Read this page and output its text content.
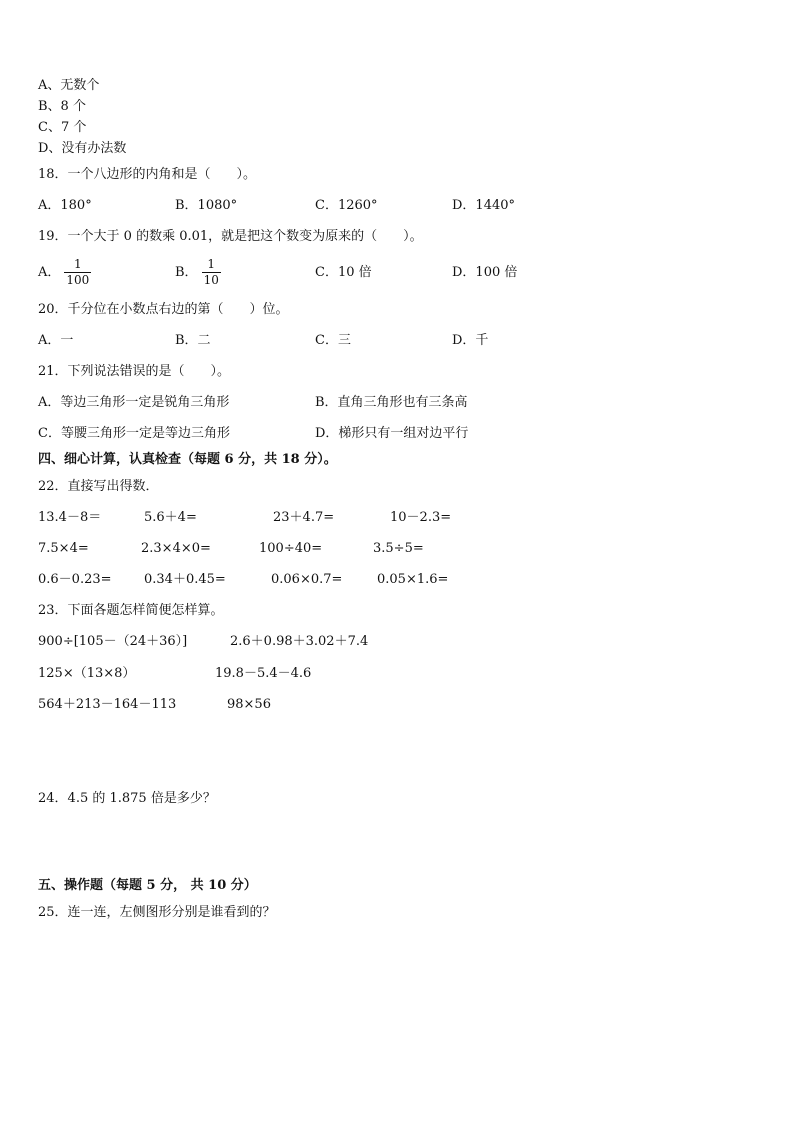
A、无数个
B、8 个
C、7 个
D、没有办法数
18．一个八边形的内角和是（　　）。
A．180°	B．1080°	C．1260°	D．1440°
19．一个大于 0 的数乘 0.01，就是把这个数变为原来的（　　）。
A． $\frac{1}{100}$	B． $\frac{1}{10}$	C．10 倍	D．100 倍
20．千分位在小数点右边的第（　　）位。
A．一	B．二	C．三	D．千
21．下列说法错误的是（　　）。
A．等边三角形一定是锐角三角形	B．直角三角形也有三条高
C．等腰三角形一定是等边三角形	D．梯形只有一组对边平行
四、细心计算，认真检查（每题 6 分，共 18 分）。
22．直接写出得数．
13.4－8＝	5.6＋4=	23＋4.7=	10－2.3=
7.5×4=	2.3×4×0=	100÷40=	3.5÷5=
0.6－0.23= 0.34＋0.45=	0.06×0.7=	0.05×1.6=
23．下面各题怎样简便怎样算。
900÷[105－（24＋36）]	2.6＋0.98＋3.02＋7.4
125×（13×8）	19.8－5.4－4.6
564＋213－164－113	98×56
24．4.5 的 1.875 倍是多少？
五、操作题（每题 5 分， 共 10 分）
25．连一连，左侧图形分别是谁看到的？
